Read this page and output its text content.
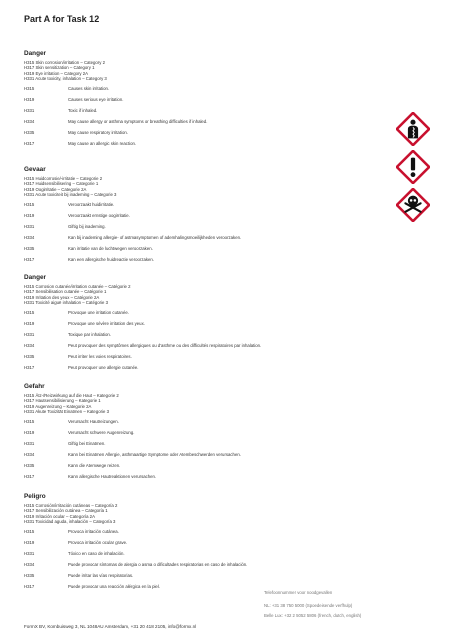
Part A for Task 12
Danger
H315 Skin corrosion/irritation – Category 2
H317 Skin sensitization – Category 1
H319 Eye irritation – Category 2A
H331 Acute toxicity, inhalation – Category 3
H315	Causes skin irritation.
H319	Causes serious eye irritation.
H331	Toxic if inhaled.
H334	May cause allergy or asthma symptoms or breathing difficulties if inhaled.
H335	May cause respiratory irritation.
H317	May cause an allergic skin reaction.
Gevaar
H315 Huidcorrosie/-irritatie – Categorie 2
H317 Huidsensibilisering – Categorie 1
H319 Oogirritatie – Categorie 2A
H331 Acute toxiciteit bij inademing – Categorie 3
H315	Veroorzaakt huidirritatie.
H319	Veroorzaakt ernstige oogirritatie.
H331	Giftig bij inademing.
H334	Kan bij inademing allergie- of astmasymptomen of ademhalingsmoeilijkheden veroorzaken.
H335	Kan irritatie van de luchtwegen veroorzaken.
H317	Kan een allergische huidreactie veroorzaken.
Danger
H315 Corrosion cutanée/irritation cutanée – Catégorie 2
H317 Sensibilisation cutanée – Catégorie 1
H319 Irritation des yeux – Catégorie 2A
H331 Toxicité aiguë inhalation – Catégorie 3
H315	Provoque une irritation cutanée.
H319	Provoque une sévère irritation des yeux.
H331	Toxique par inhalation.
H334	Peut provoquer des symptômes allergiques ou d'asthme ou des difficultés respiratoires par inhalation.
H335	Peut irriter les voies respiratoires.
H317	Peut provoquer une allergie cutanée.
Gefahr
H315 Ätz-/Reizwirkung auf die Haut – Kategorie 2
H317 Hautsensibilisierung – Kategorie 1
H319 Augenreizung – Kategorie 2A
H331 Akute Toxizität Einatmen – Kategorie 3
H315	Verursacht Hautreizungen.
H319	Verursacht schwere Augenreizung.
H331	Giftig bei Einatmen.
H334	Kann bei Einatmen Allergie, asthmaartige Symptome oder Atembeschwerden verursachen.
H335	Kann die Atemwege reizen.
H317	Kann allergische Hautreaktionen verursachen.
Peligro
H315 Corrosión/irritación cutáneas – Categoría 2
H317 Sensibilización cutánea – Categoría 1
H319 Irritación ocular – Categoría 2A
H331 Toxicidad aguda, inhalación – Categoría 3
H315	Provoca irritación cutánea.
H319	Provoca irritación ocular grave.
H331	Tóxico en caso de inhalación.
H334	Puede provocar síntomas de alergia o asma o dificultades respiratorias en caso de inhalación.
H335	Puede irritar las vías respiratorias.
H317	Puede provocar una reacción alérgica en la piel.
Telefoonnummer voor noodgevallen
NL: +31 38 750 5000 (Spoedeisende verfhulp)
Belle Lux: +32 2 5052 5806 (french, dutch, english)
FormX BV, Kombuisweg 3, NL 1048AU Amsterdam, +31 20 418 2105, info@formx.nl
